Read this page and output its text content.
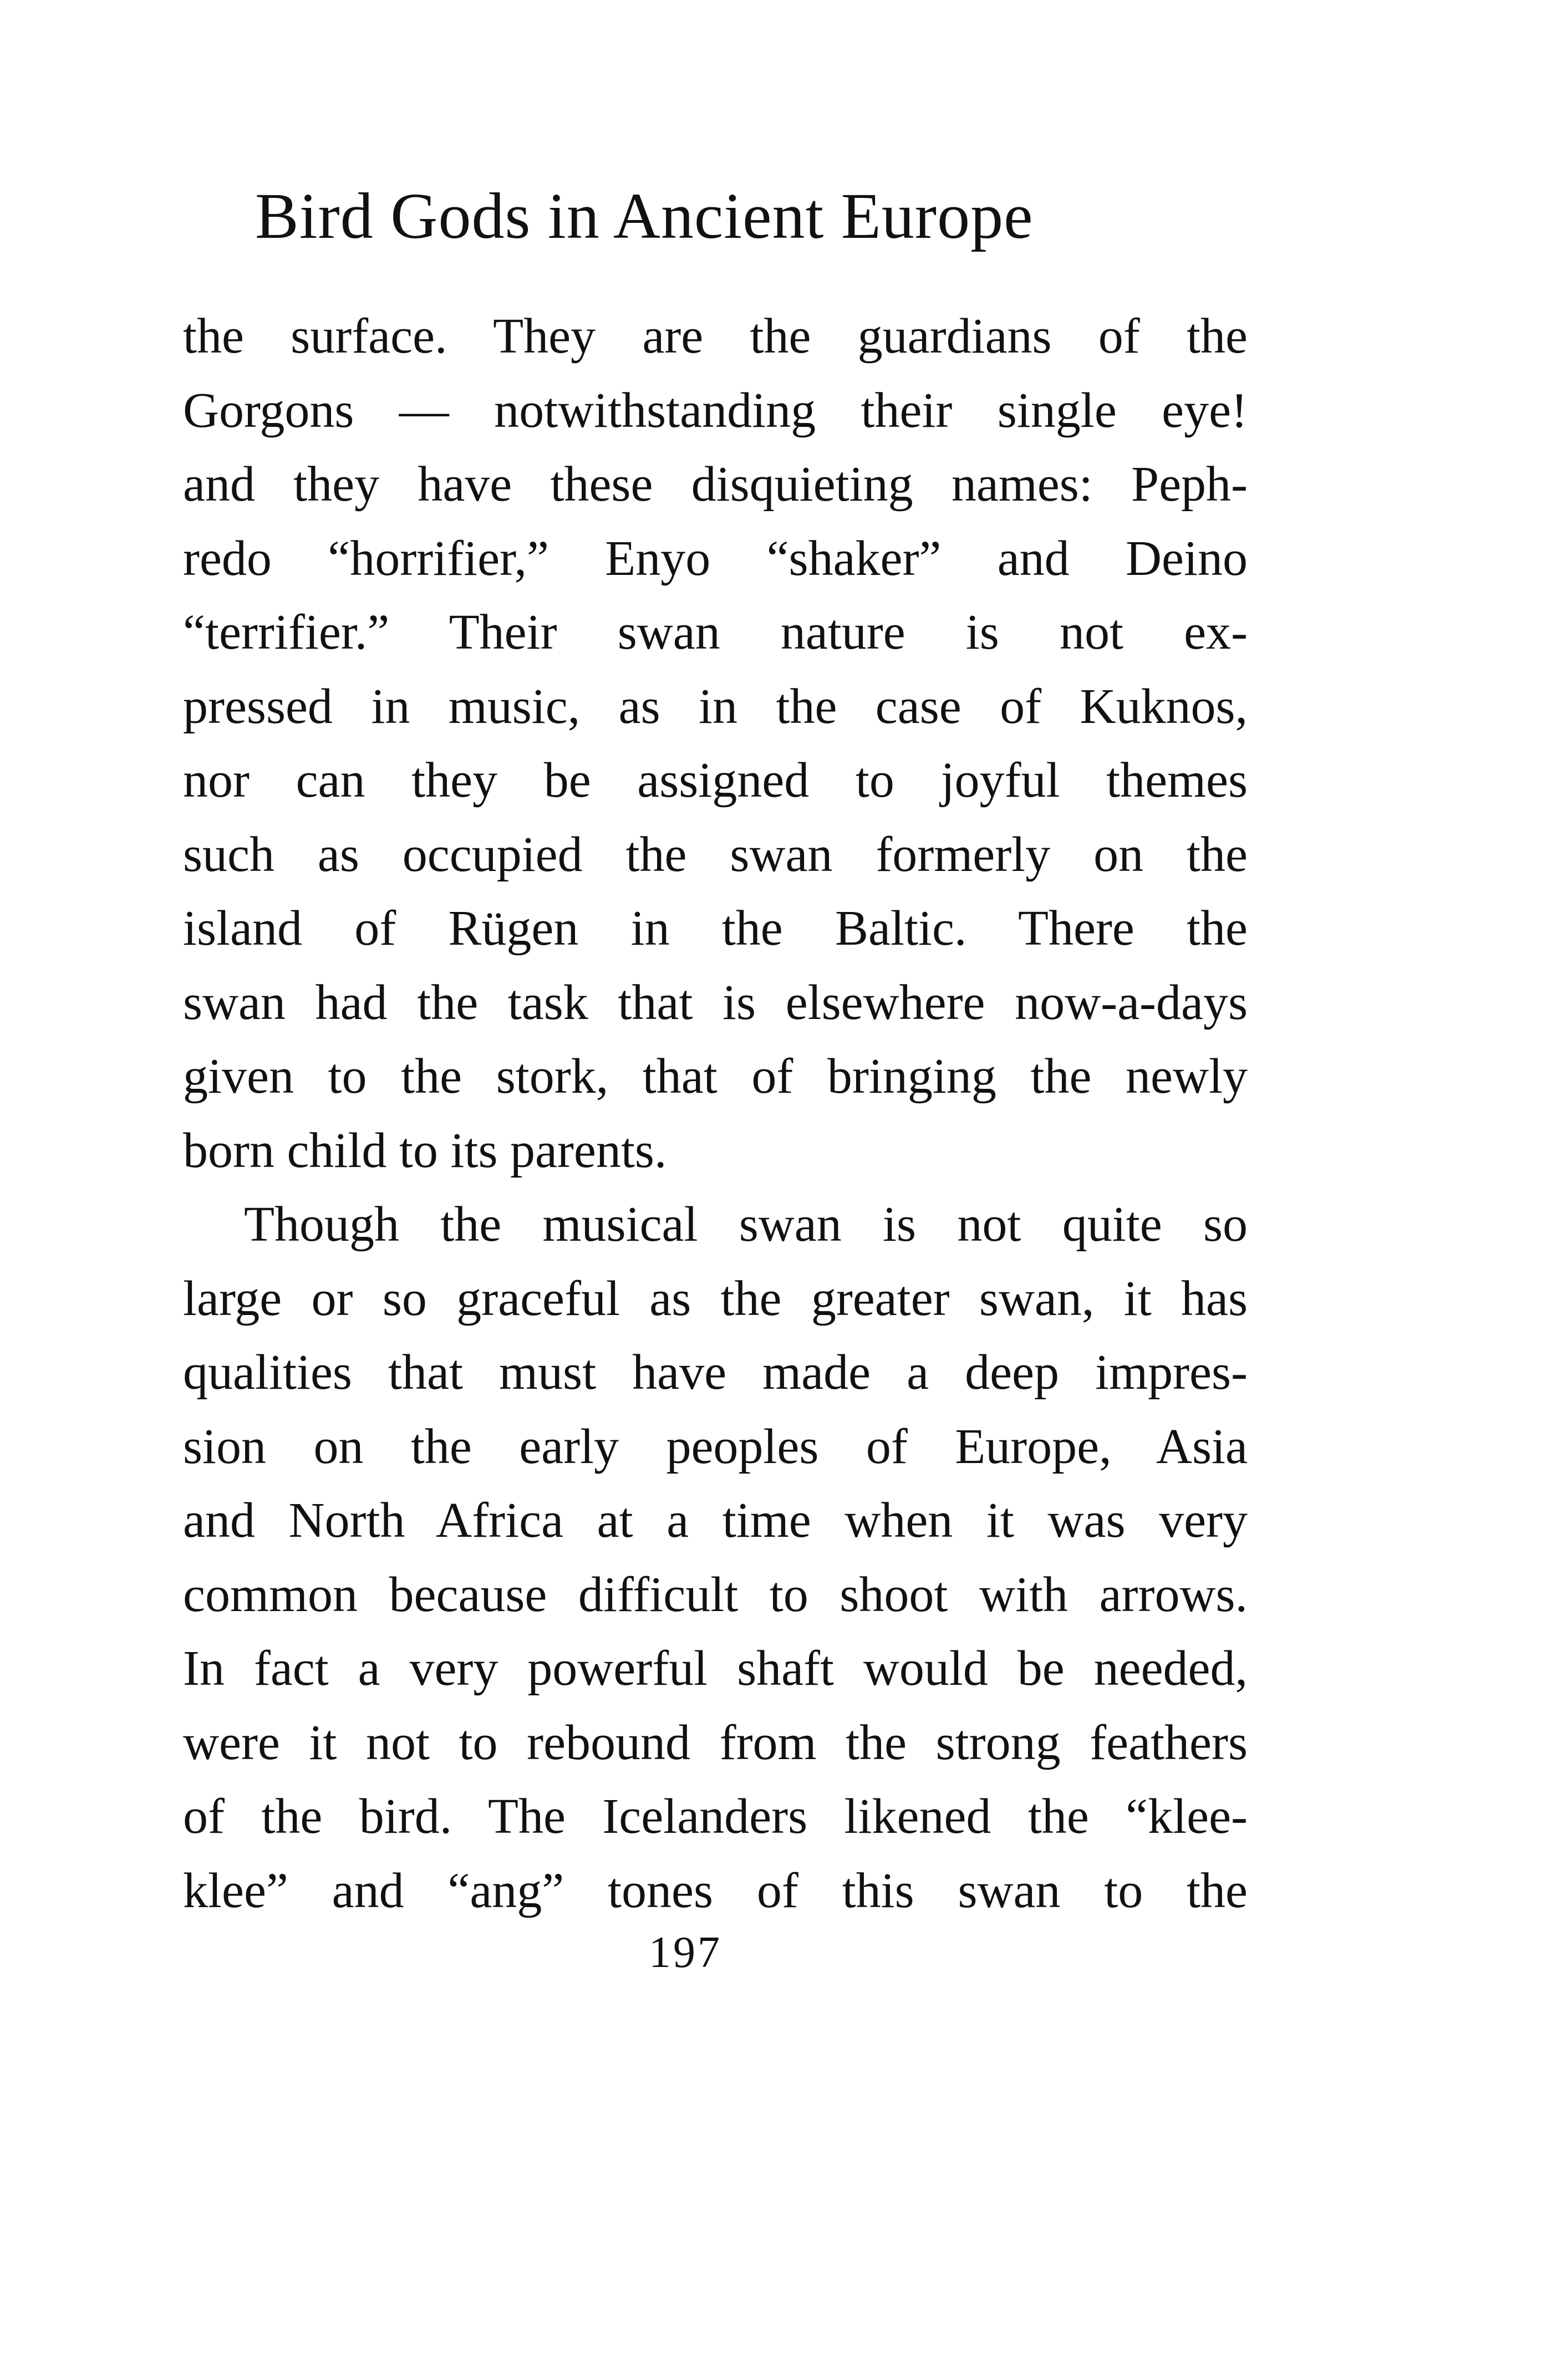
Bird Gods in Ancient Europe
the surface. They are the guardians of the
Gorgons — notwithstanding their single eye!
and they have these disquieting names: Peph-
redo “horrifier,” Enyo “shaker” and Deino
“terrifier.” Their swan nature is not ex-
pressed in music, as in the case of Kuknos,
nor can they be assigned to joyful themes
such as occupied the swan formerly on the
island of Rügen in the Baltic. There the
swan had the task that is elsewhere now-a-days
given to the stork, that of bringing the newly
born child to its parents.
Though the musical swan is not quite so
large or so graceful as the greater swan, it has
qualities that must have made a deep impres-
sion on the early peoples of Europe, Asia
and North Africa at a time when it was very
common because difficult to shoot with arrows.
In fact a very powerful shaft would be needed,
were it not to rebound from the strong feathers
of the bird. The Icelanders likened the “klee-
klee” and “ang” tones of this swan to the
197
